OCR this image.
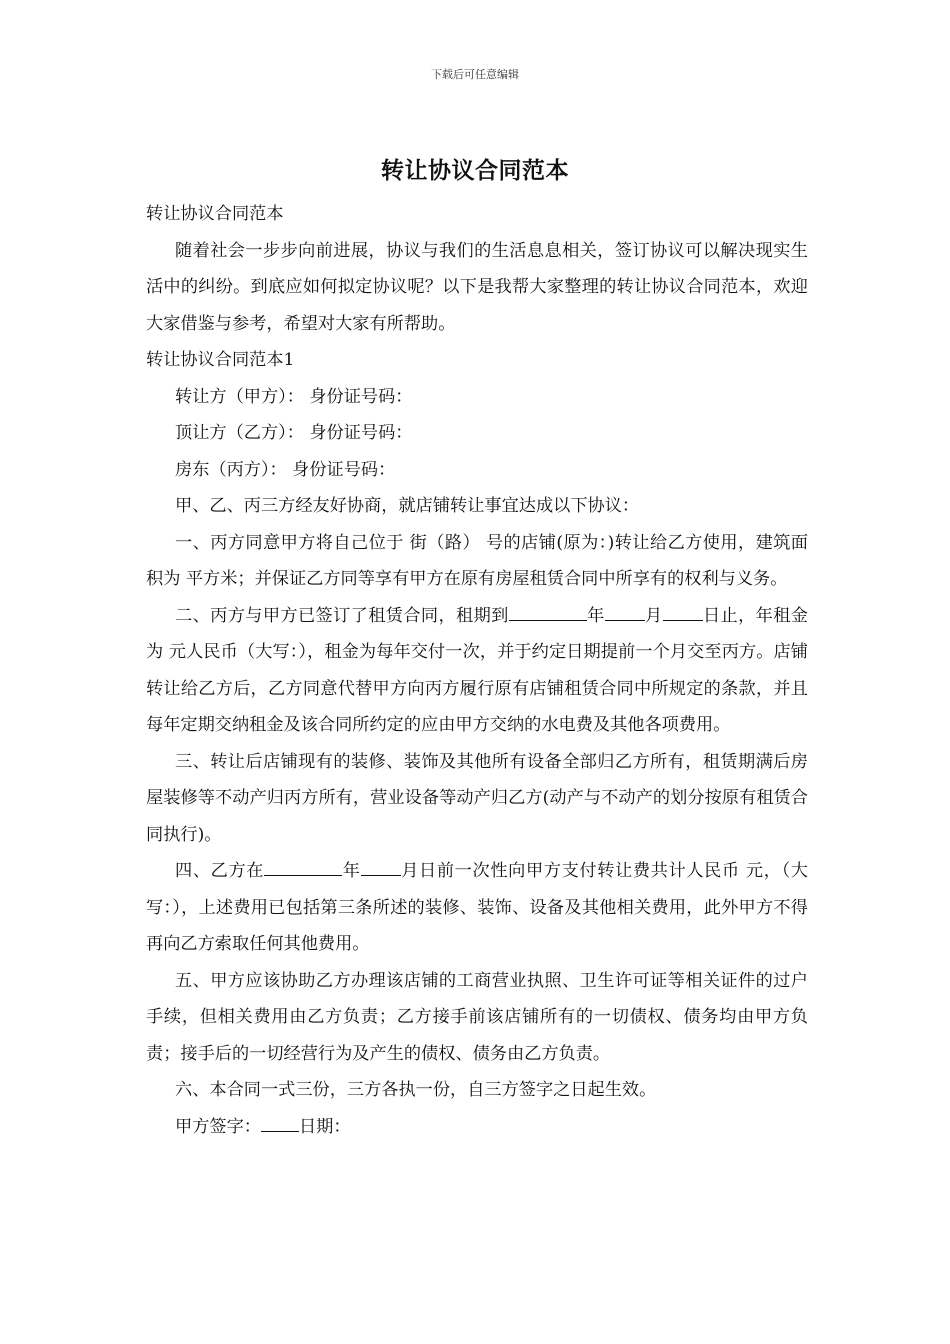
下载后可任意编辑
转让协议合同范本

转让协议合同范本

随着社会一步步向前进展，协议与我们的生活息息相关，签订协议可以解决现实生活中的纠纷。到底应如何拟定协议呢？以下是我帮大家整理的转让协议合同范本，欢迎大家借鉴与参考，希望对大家有所帮助。

转让协议合同范本1

转让方（甲方）： 身份证号码：

顶让方（乙方）： 身份证号码：

房东（丙方）： 身份证号码：

甲、乙、丙三方经友好协商，就店铺转让事宜达成以下协议：

一、丙方同意甲方将自己位于 街（路） 号的店铺(原为：)转让给乙方使用，建筑面积为 平方米；并保证乙方同等享有甲方在原有房屋租赁合同中所享有的权利与义务。

二、丙方与甲方已签订了租赁合同，租期到	年 月 日止，年租金为 元人民币（大写：），租金为每年交付一次，并于约定日期提前一个月交至丙方。店铺转让给乙方后，乙方同意代替甲方向丙方履行原有店铺租赁合同中所规定的条款，并且每年定期交纳租金及该合同所约定的应由甲方交纳的水电费及其他各项费用。

三、转让后店铺现有的装修、装饰及其他所有设备全部归乙方所有，租赁期满后房屋装修等不动产归丙方所有，营业设备等动产归乙方(动产与不动产的划分按原有租赁合同执行)。

四、乙方在	年 月日前一次性向甲方支付转让费共计人民币 元，（大写：），上述费用已包括第三条所述的装修、装饰、设备及其他相关费用，此外甲方不得再向乙方索取任何其他费用。

五、甲方应该协助乙方办理该店铺的工商营业执照、卫生许可证等相关证件的过户手续，但相关费用由乙方负责；乙方接手前该店铺所有的一切债权、债务均由甲方负责；接手后的一切经营行为及产生的债权、债务由乙方负责。

六、本合同一式三份，三方各执一份，自三方签字之日起生效。

甲方签字： 日期：
